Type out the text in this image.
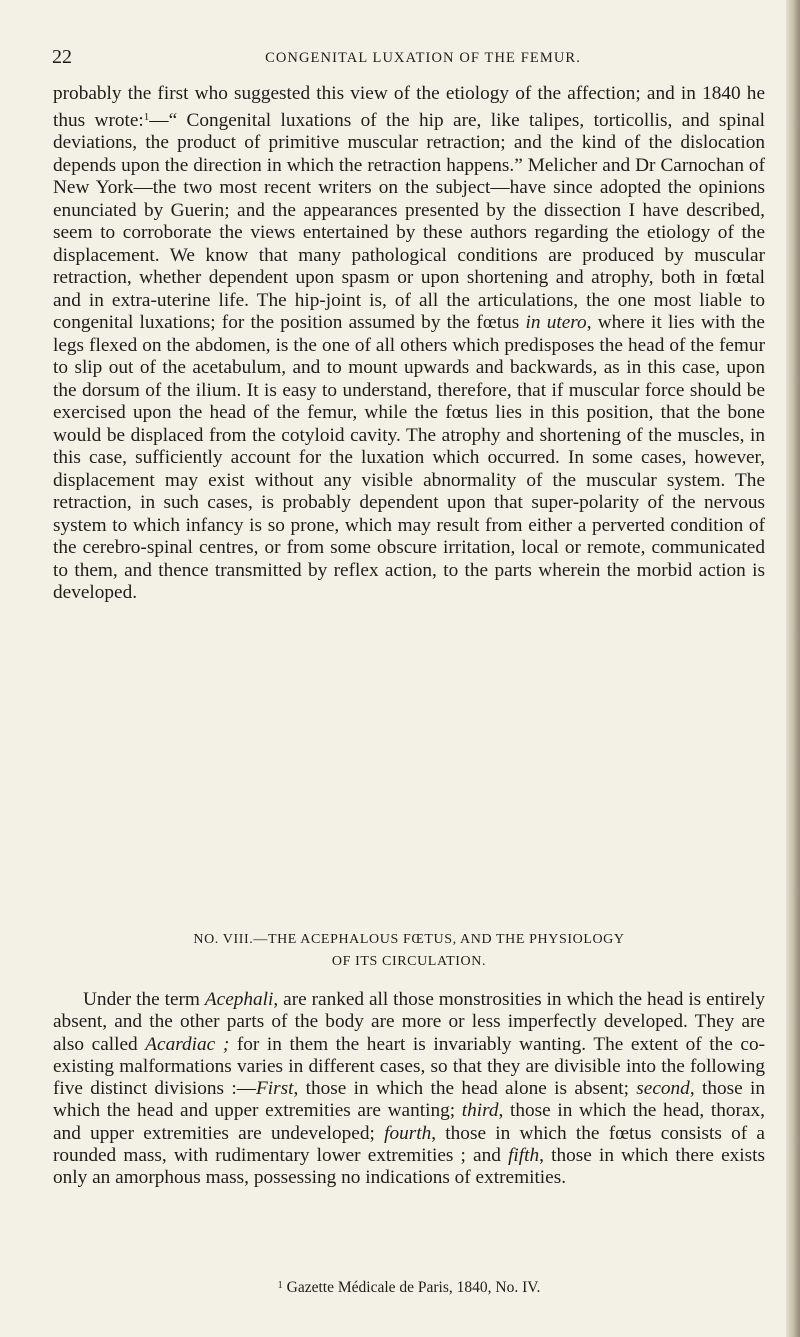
22	CONGENITAL LUXATION OF THE FEMUR.

probably the first who suggested this view of the etiology of the affection; and in 1840 he thus wrote:$^1$—“ Congenital luxations of the hip are, like talipes, torticollis, and spinal deviations, the product of primitive muscular retraction; and the kind of the dislocation depends upon the direction in which the retraction happens.” Melicher and Dr Carnochan of New York—the two most recent writers on the subject—have since adopted the opinions enunciated by Guerin; and the appearances presented by the dissection I have described, seem to corroborate the views entertained by these authors regarding the etiology of the displacement. We know that many pathological conditions are produced by muscular retraction, whether dependent upon spasm or upon shortening and atrophy, both in fœtal and in extra-uterine life. The hip-joint is, of all the articulations, the one most liable to congenital luxations; for the position assumed by the fœtus in utero, where it lies with the legs flexed on the abdomen, is the one of all others which predisposes the head of the femur to slip out of the acetabulum, and to mount upwards and backwards, as in this case, upon the dorsum of the ilium. It is easy to understand, therefore, that if muscular force should be exercised upon the head of the femur, while the fœtus lies in this position, that the bone would be displaced from the cotyloid cavity. The atrophy and shortening of the muscles, in this case, sufficiently account for the luxation which occurred. In some cases, however, displacement may exist without any visible abnormality of the muscular system. The retraction, in such cases, is probably dependent upon that super-polarity of the nervous system to which infancy is so prone, which may result from either a perverted condition of the cerebro-spinal centres, or from some obscure irritation, local or remote, communicated to them, and thence transmitted by reflex action, to the parts wherein the morbid action is developed.

NO. VIII.—THE ACEPHALOUS FŒTUS, AND THE PHYSIOLOGY
OF ITS CIRCULATION.

Under the term Acephali, are ranked all those monstrosities in which the head is entirely absent, and the other parts of the body are more or less imperfectly developed. They are also called Acardiac ; for in them the heart is invariably wanting. The extent of the co-existing malformations varies in different cases, so that they are divisible into the following five distinct divisions :—First, those in which the head alone is absent; second, those in which the head and upper extremities are wanting; third, those in which the head, thorax, and upper extremities are undeveloped; fourth, those in which the fœtus consists of a rounded mass, with rudimentary lower extremities ; and fifth, those in which there exists only an amorphous mass, possessing no indications of extremities.

$^1$ Gazette Médicale de Paris, 1840, No. IV.
